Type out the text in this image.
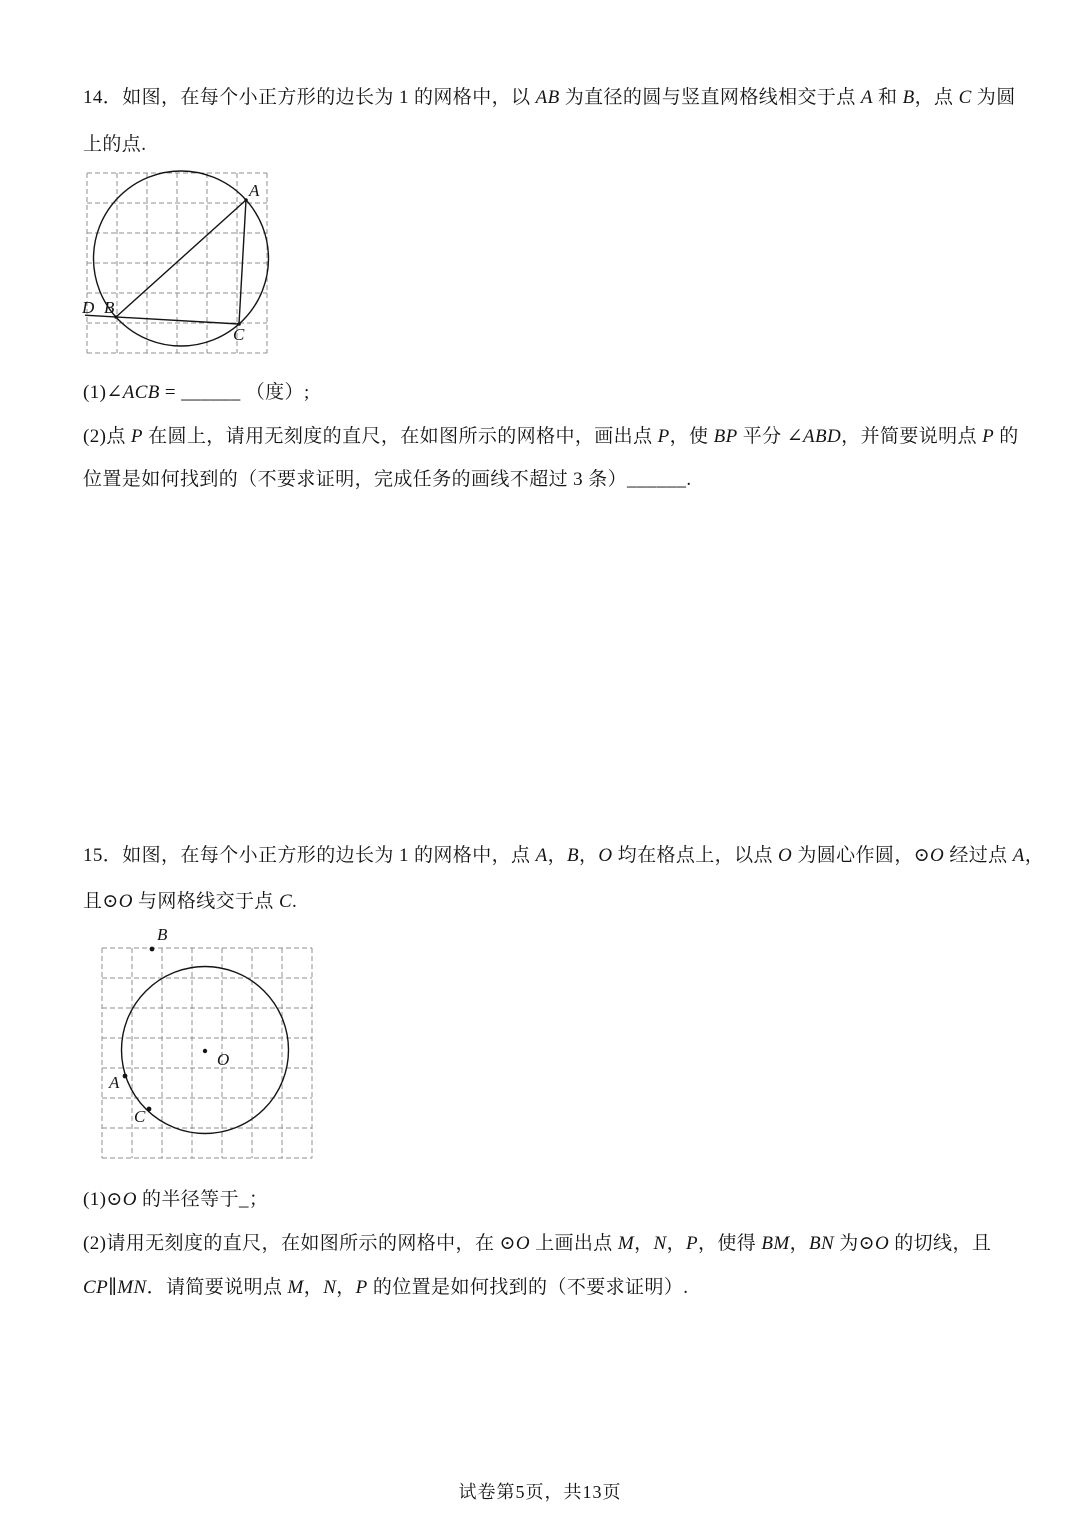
14．如图，在每个小正方形的边长为 1 的网格中，以 AB 为直径的圆与竖直网格线相交于点 A 和 B，点 C 为圆
上的点.
A
D B
C
(1)∠ACB = ______ （度）;
(2)点 P 在圆上，请用无刻度的直尺，在如图所示的网格中，画出点 P，使 BP 平分 ∠ABD，并简要说明点 P 的
位置是如何找到的（不要求证明，完成任务的画线不超过 3 条）______.
15．如图，在每个小正方形的边长为 1 的网格中，点 A，B，O 均在格点上，以点 O 为圆心作圆，⊙O 经过点 A，
且⊙O 与网格线交于点 C.
B
O
A
C
(1)⊙O 的半径等于_；
(2)请用无刻度的直尺，在如图所示的网格中，在 ⊙O 上画出点 M，N，P，使得 BM，BN 为⊙O 的切线，且
CP∥MN．请简要说明点 M，N，P 的位置是如何找到的（不要求证明）.
试卷第5页，共13页
